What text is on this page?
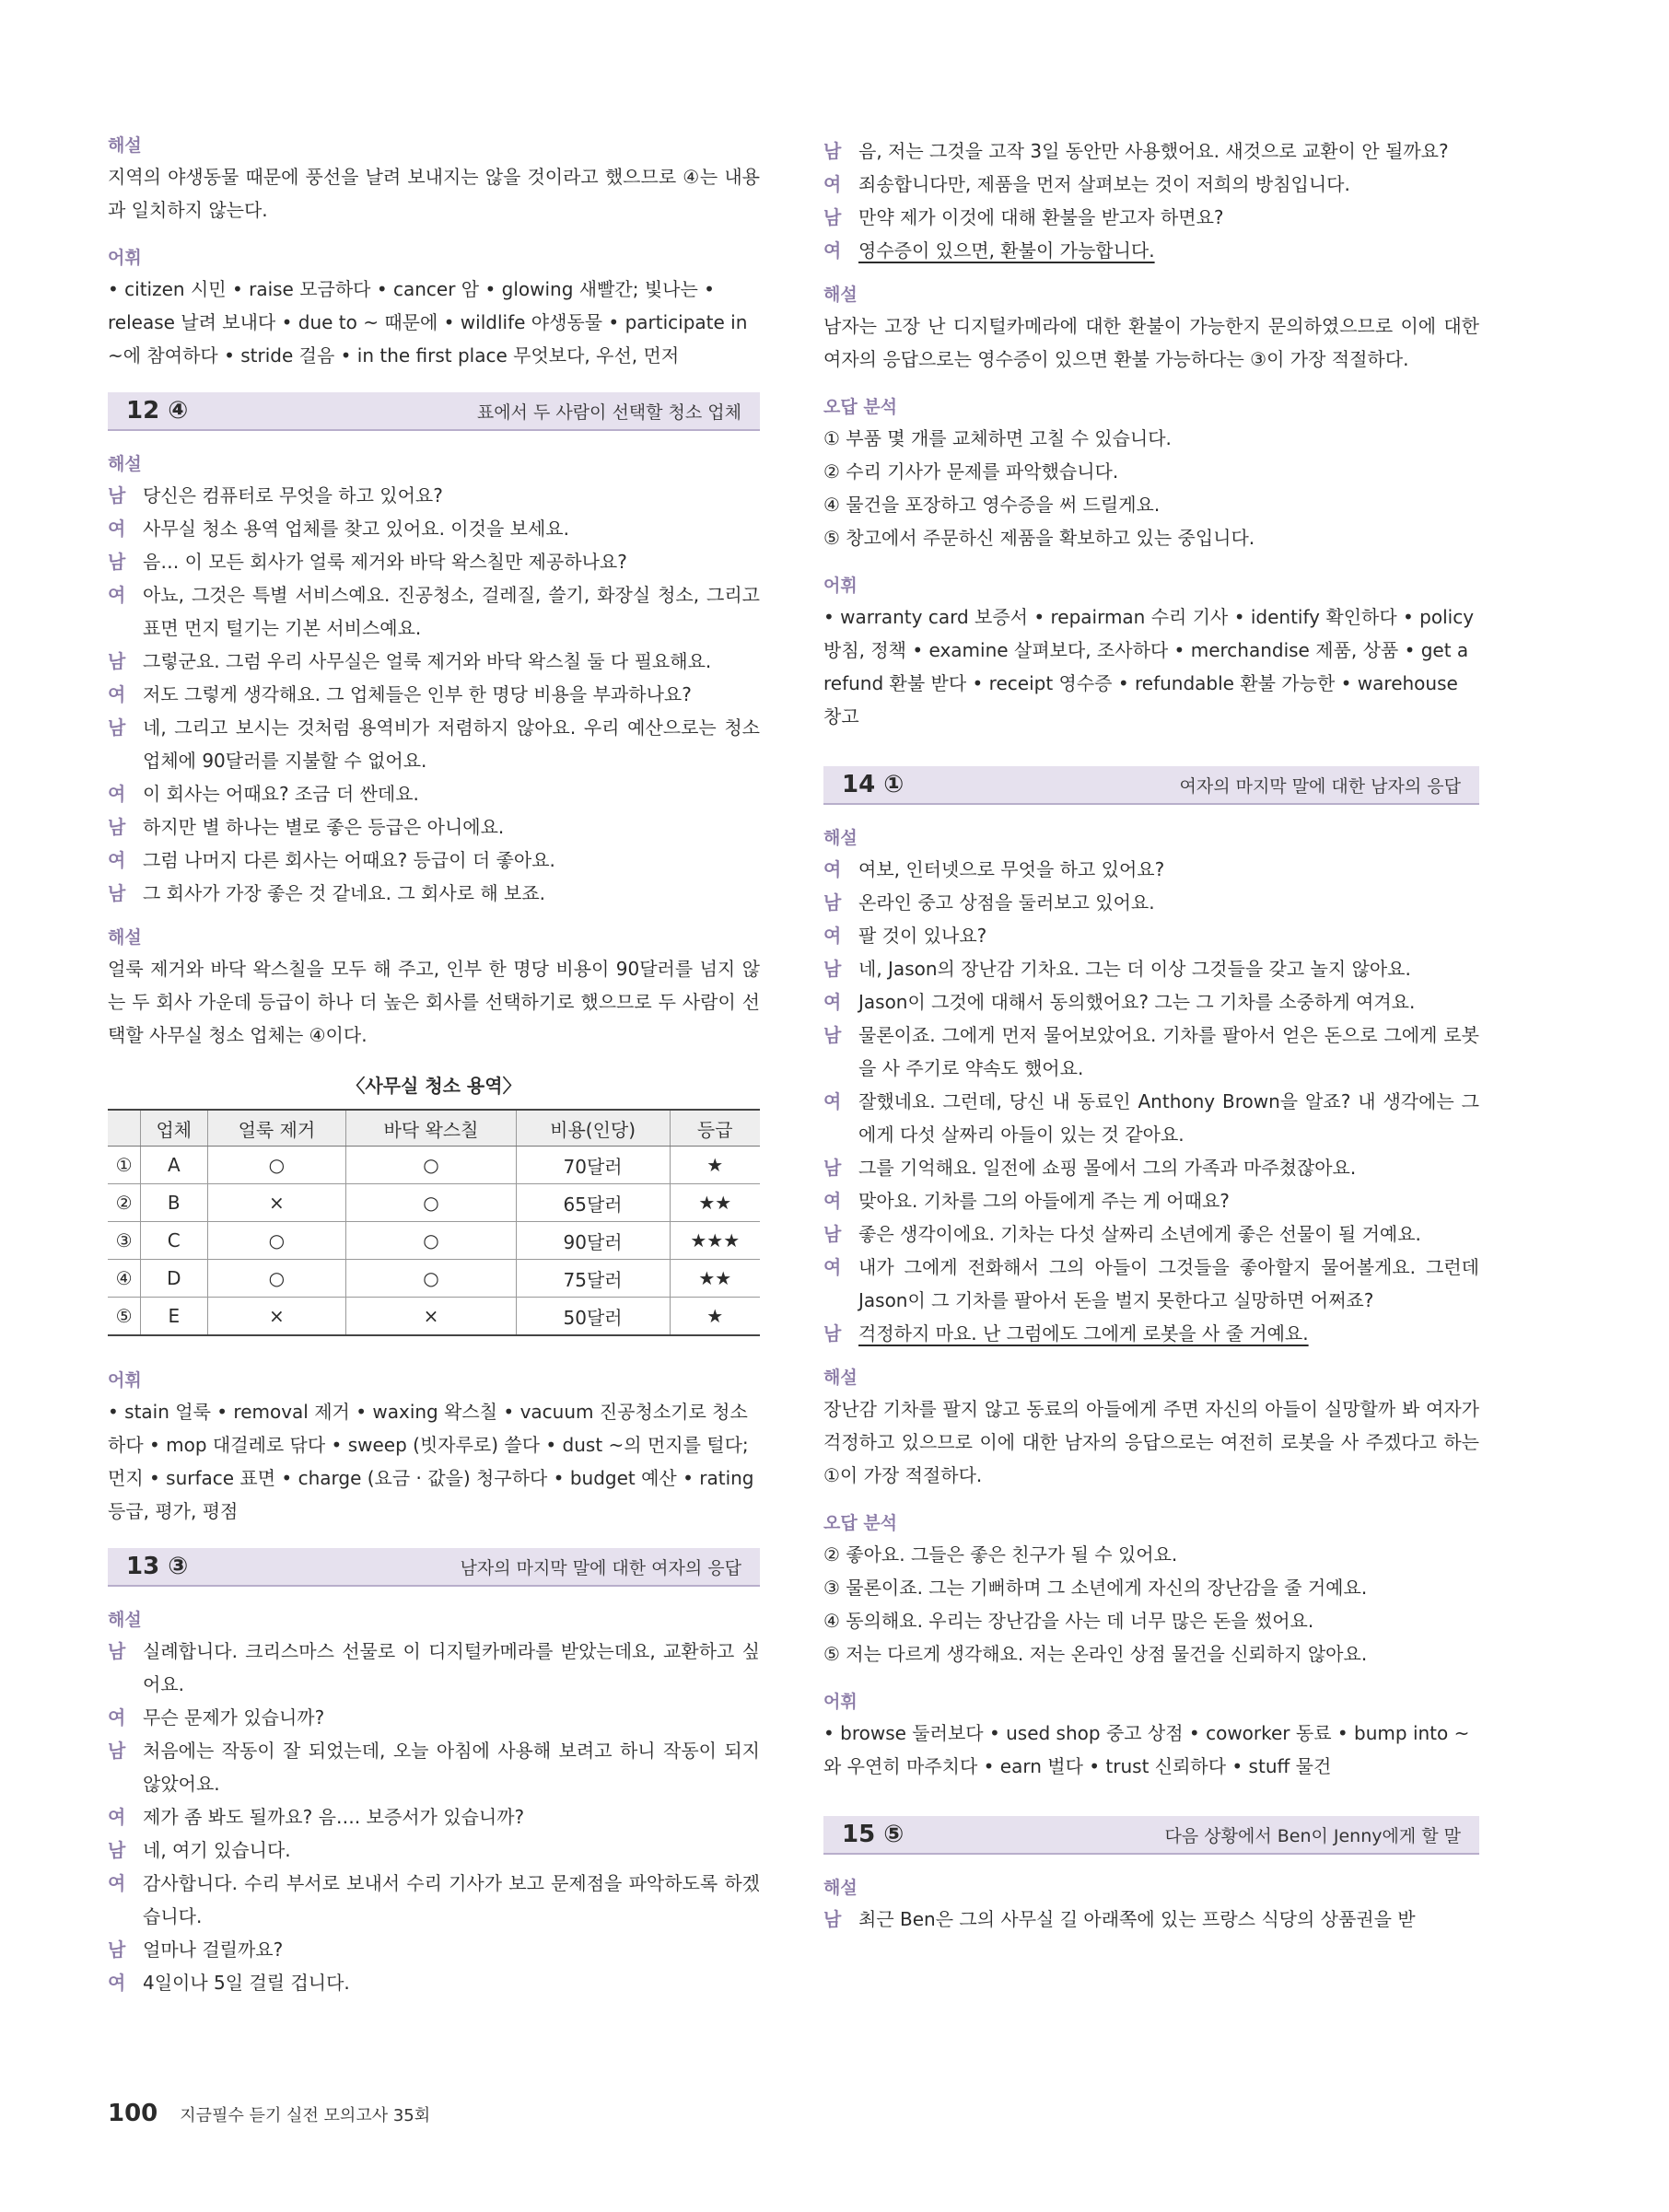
해설
지역의 야생동물 때문에 풍선을 날려 보내지는 않을 것이라고 했으므로 ④는 내용과 일치하지 않는다.
어휘
• citizen 시민 • raise 모금하다 • cancer 암 • glowing 새빨간; 빛나는 • release 날려 보내다 • due to ~ 때문에 • wildlife 야생동물 • participate in ~에 참여하다 • stride 걸음 • in the first place 무엇보다, 우선, 먼저
12 ④	표에서 두 사람이 선택할 청소 업체
해설
남 당신은 컴퓨터로 무엇을 하고 있어요?
여 사무실 청소 용역 업체를 찾고 있어요. 이것을 보세요.
남 음… 이 모든 회사가 얼룩 제거와 바닥 왁스칠만 제공하나요?
여 아뇨, 그것은 특별 서비스예요. 진공청소, 걸레질, 쓸기, 화장실 청소, 그리고 표면 먼지 털기는 기본 서비스예요.
남 그렇군요. 그럼 우리 사무실은 얼룩 제거와 바닥 왁스칠 둘 다 필요해요.
여 저도 그렇게 생각해요. 그 업체들은 인부 한 명당 비용을 부과하나요?
남 네, 그리고 보시는 것처럼 용역비가 저렴하지 않아요. 우리 예산으로는 청소 업체에 90달러를 지불할 수 없어요.
여 이 회사는 어때요? 조금 더 싼데요.
남 하지만 별 하나는 별로 좋은 등급은 아니에요.
여 그럼 나머지 다른 회사는 어때요? 등급이 더 좋아요.
남 그 회사가 가장 좋은 것 같네요. 그 회사로 해 보죠.
해설
얼룩 제거와 바닥 왁스칠을 모두 해 주고, 인부 한 명당 비용이 90달러를 넘지 않는 두 회사 가운데 등급이 하나 더 높은 회사를 선택하기로 했으므로 두 사람이 선택할 사무실 청소 업체는 ④이다.
〈사무실 청소 용역〉
	업체	얼룩 제거	바닥 왁스칠	비용(인당)	등급
①	A	○	○	70달러	★
②	B	×	○	65달러	★★
③	C	○	○	90달러	★★★
④	D	○	○	75달러	★★
⑤	E	×	×	50달러	★
어휘
• stain 얼룩 • removal 제거 • waxing 왁스칠 • vacuum 진공청소기로 청소하다 • mop 대걸레로 닦다 • sweep (빗자루로) 쓸다 • dust ~의 먼지를 털다; 먼지 • surface 표면 • charge (요금 · 값을) 청구하다 • budget 예산 • rating 등급, 평가, 평점
13 ③	남자의 마지막 말에 대한 여자의 응답
해설
남 실례합니다. 크리스마스 선물로 이 디지털카메라를 받았는데요, 교환하고 싶어요.
여 무슨 문제가 있습니까?
남 처음에는 작동이 잘 되었는데, 오늘 아침에 사용해 보려고 하니 작동이 되지 않았어요.
여 제가 좀 봐도 될까요? 음…. 보증서가 있습니까?
남 네, 여기 있습니다.
여 감사합니다. 수리 부서로 보내서 수리 기사가 보고 문제점을 파악하도록 하겠습니다.
남 얼마나 걸릴까요?
여 4일이나 5일 걸릴 겁니다.
남 음, 저는 그것을 고작 3일 동안만 사용했어요. 새것으로 교환이 안 될까요?
여 죄송합니다만, 제품을 먼저 살펴보는 것이 저희의 방침입니다.
남 만약 제가 이것에 대해 환불을 받고자 하면요?
여 영수증이 있으면, 환불이 가능합니다.
해설
남자는 고장 난 디지털카메라에 대한 환불이 가능한지 문의하였으므로 이에 대한 여자의 응답으로는 영수증이 있으면 환불 가능하다는 ③이 가장 적절하다.
오답 분석
① 부품 몇 개를 교체하면 고칠 수 있습니다.
② 수리 기사가 문제를 파악했습니다.
④ 물건을 포장하고 영수증을 써 드릴게요.
⑤ 창고에서 주문하신 제품을 확보하고 있는 중입니다.
어휘
• warranty card 보증서 • repairman 수리 기사 • identify 확인하다 • policy 방침, 정책 • examine 살펴보다, 조사하다 • merchandise 제품, 상품 • get a refund 환불 받다 • receipt 영수증 • refundable 환불 가능한 • warehouse 창고
14 ①	여자의 마지막 말에 대한 남자의 응답
해설
여 여보, 인터넷으로 무엇을 하고 있어요?
남 온라인 중고 상점을 둘러보고 있어요.
여 팔 것이 있나요?
남 네, Jason의 장난감 기차요. 그는 더 이상 그것들을 갖고 놀지 않아요.
여 Jason이 그것에 대해서 동의했어요? 그는 그 기차를 소중하게 여겨요.
남 물론이죠. 그에게 먼저 물어보았어요. 기차를 팔아서 얻은 돈으로 그에게 로봇을 사 주기로 약속도 했어요.
여 잘했네요. 그런데, 당신 내 동료인 Anthony Brown을 알죠? 내 생각에는 그에게 다섯 살짜리 아들이 있는 것 같아요.
남 그를 기억해요. 일전에 쇼핑 몰에서 그의 가족과 마주쳤잖아요.
여 맞아요. 기차를 그의 아들에게 주는 게 어때요?
남 좋은 생각이에요. 기차는 다섯 살짜리 소년에게 좋은 선물이 될 거예요.
여 내가 그에게 전화해서 그의 아들이 그것들을 좋아할지 물어볼게요. 그런데 Jason이 그 기차를 팔아서 돈을 벌지 못한다고 실망하면 어쩌죠?
남 걱정하지 마요. 난 그럼에도 그에게 로봇을 사 줄 거예요.
해설
장난감 기차를 팔지 않고 동료의 아들에게 주면 자신의 아들이 실망할까 봐 여자가 걱정하고 있으므로 이에 대한 남자의 응답으로는 여전히 로봇을 사 주겠다고 하는 ①이 가장 적절하다.
오답 분석
② 좋아요. 그들은 좋은 친구가 될 수 있어요.
③ 물론이죠. 그는 기뻐하며 그 소년에게 자신의 장난감을 줄 거예요.
④ 동의해요. 우리는 장난감을 사는 데 너무 많은 돈을 썼어요.
⑤ 저는 다르게 생각해요. 저는 온라인 상점 물건을 신뢰하지 않아요.
어휘
• browse 둘러보다 • used shop 중고 상점 • coworker 동료 • bump into ~와 우연히 마주치다 • earn 벌다 • trust 신뢰하다 • stuff 물건
15 ⑤	다음 상황에서 Ben이 Jenny에게 할 말
해설
남 최근 Ben은 그의 사무실 길 아래쪽에 있는 프랑스 식당의 상품권을 받
100 지금필수 듣기 실전 모의고사 35회
